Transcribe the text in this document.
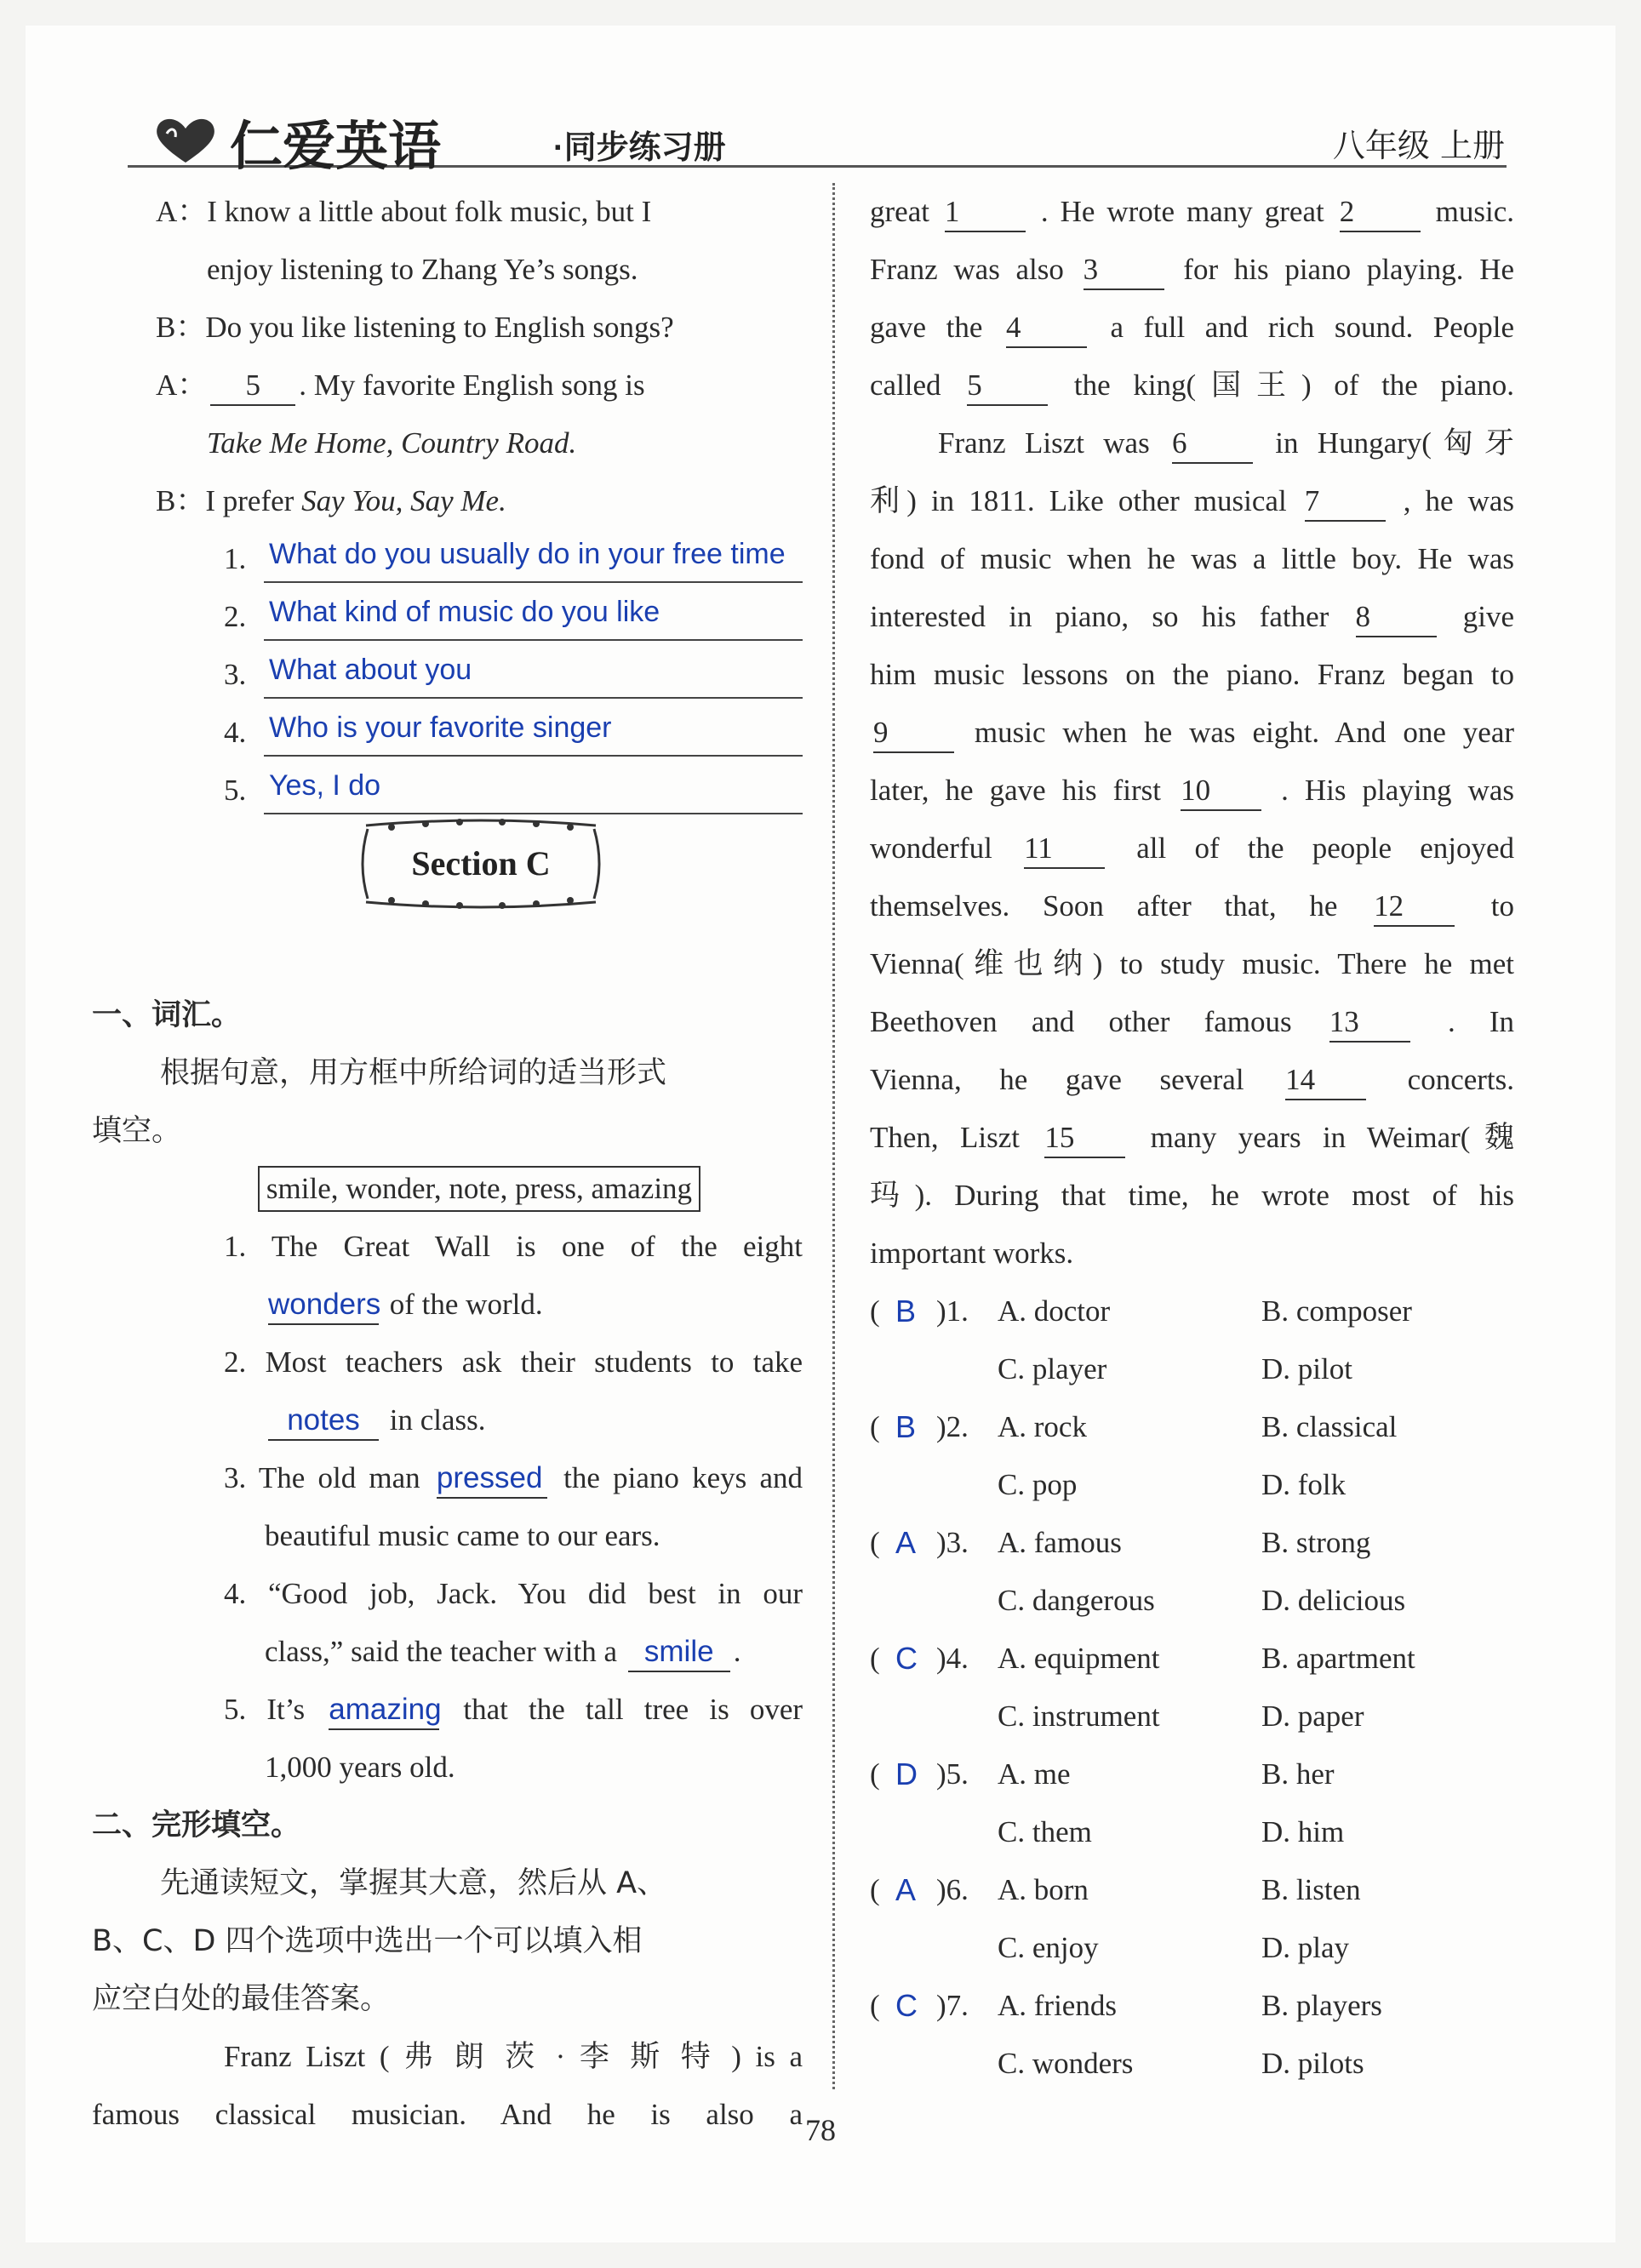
仁爱英语	·同步练习册	八年级 上册
A：I know a little about folk music, but I
enjoy listening to Zhang Ye’s songs.
B：Do you like listening to English songs?
A： 5 . My favorite English song is
Take Me Home, Country Road.
B：I prefer Say You, Say Me.
1. What do you usually do in your free time
2. What kind of music do you like
3. What about you
4. Who is your favorite singer
5. Yes, I do
一、词汇。
根据句意，用方框中所给词的适当形式
填空。
smile, wonder, note, press, amazing
1. The Great Wall is one of the eight
wonders of the world.
2. Most teachers ask their students to take
notes in class.
3. The old man pressed the piano keys and
beautiful music came to our ears.
4. “Good job, Jack. You did best in our
class,” said the teacher with a smile .
5. It’s amazing that the tall tree is over
1,000 years old.
二、完形填空。
先通读短文，掌握其大意，然后从 A、
B、C、D 四个选项中选出一个可以填入相
应空白处的最佳答案。
Franz Liszt ( 弗 朗 茨 · 李 斯 特 ) is a
famous classical musician. And he is also a
Section C
great 1	. He wrote many great 2	music.
Franz was also 3	for his piano playing. He
gave the 4	a full and rich sound. People
called 5	the king(国王) of the piano.
Franz Liszt was 6	in Hungary(匈牙
利) in 1811. Like other musical 7	, he was
fond of music when he was a little boy. He was
interested in piano, so his father 8	give
him music lessons on the piano. Franz began to
9	music when he was eight. And one year
later, he gave his first 10 . His playing was
wonderful 11	all of the people enjoyed
themselves. Soon after that, he 12	to
Vienna(维也纳) to study music. There he met
Beethoven and other famous 13	. In
Vienna, he gave several 14	concerts.
Then, Liszt 15	many years in Weimar(魏
玛). During that time, he wrote most of his
important works.
( B )1. A. doctor	B. composer
C. player	D. pilot
( B )2. A. rock	B. classical
C. pop	D. folk
( A )3. A. famous	B. strong
C. dangerous	D. delicious
( C )4. A. equipment	B. apartment
C. instrument	D. paper
( D )5. A. me	B. her
C. them	D. him
( A )6. A. born	B. listen
C. enjoy	D. play
( C )7. A. friends	B. players
C. wonders	D. pilots
78
